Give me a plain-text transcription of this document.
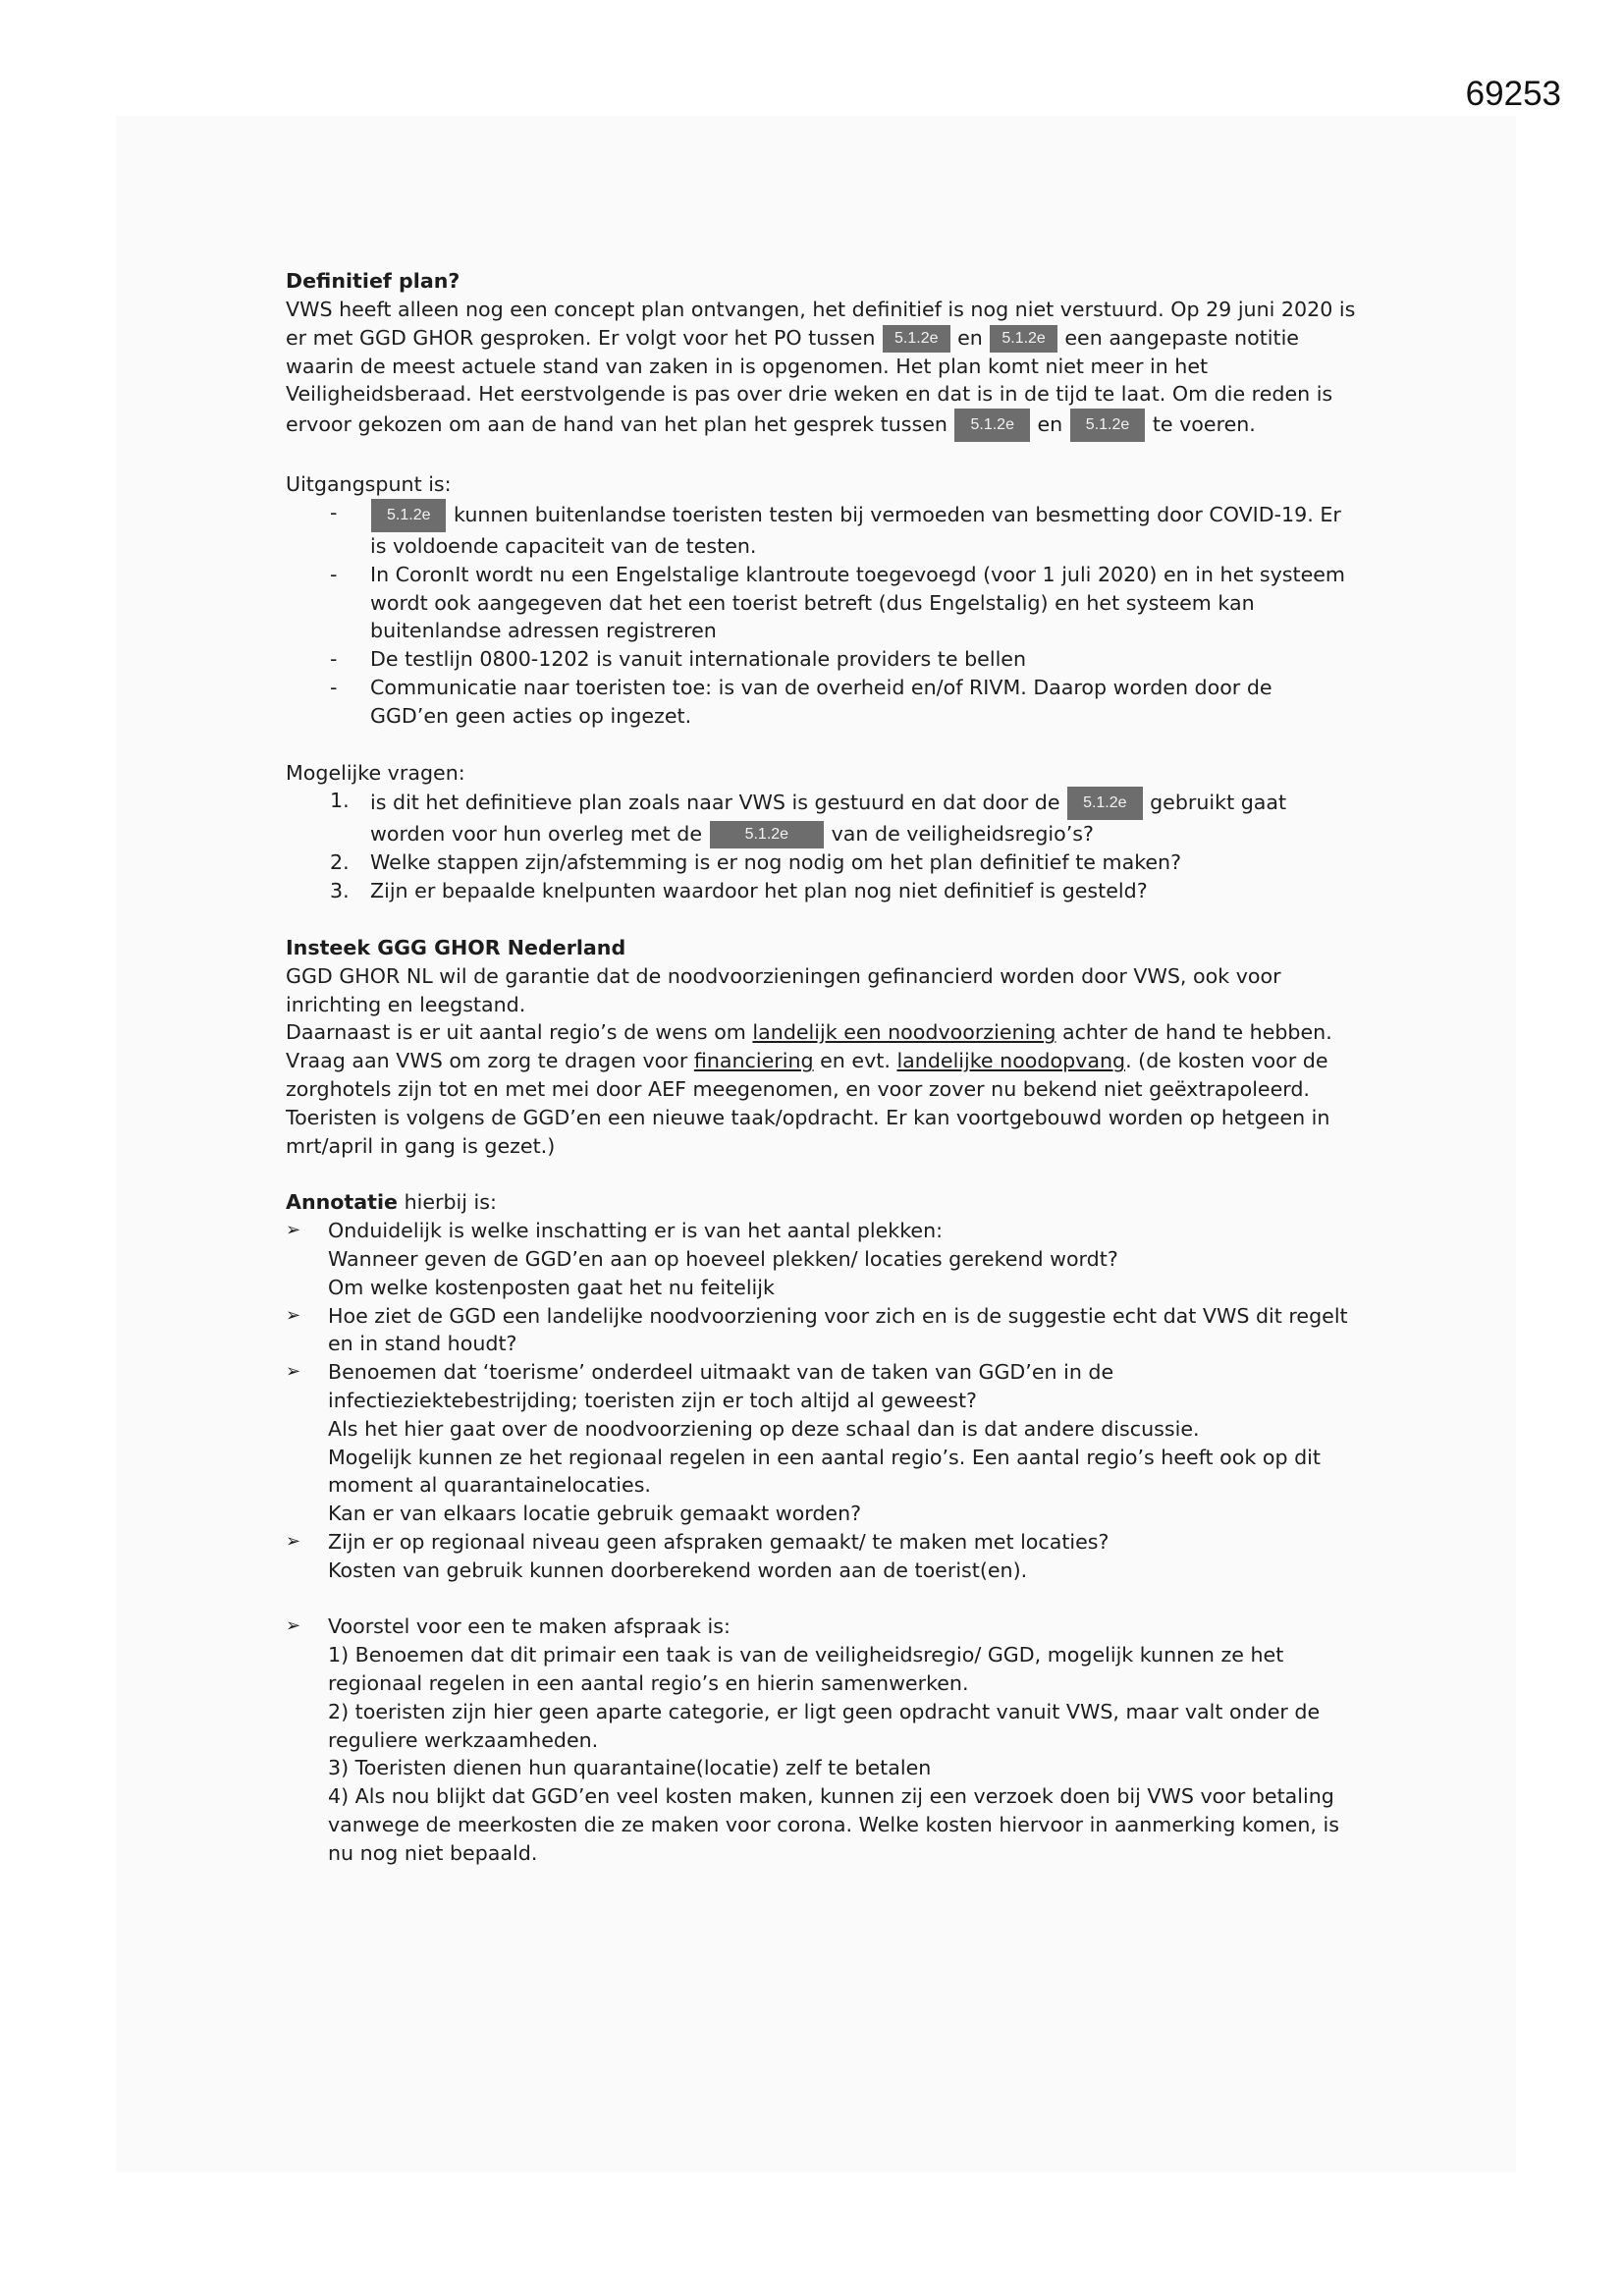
69253

Definitief plan?

VWS heeft alleen nog een concept plan ontvangen, het definitief is nog niet verstuurd. Op 29 juni 2020 is er met GGD GHOR gesproken. Er volgt voor het PO tussen 5.1.2e en 5.1.2e een aangepaste notitie waarin de meest actuele stand van zaken in is opgenomen. Het plan komt niet meer in het Veiligheidsberaad. Het eerstvolgende is pas over drie weken en dat is in de tijd te laat. Om die reden is ervoor gekozen om aan de hand van het plan het gesprek tussen 5.1.2e en 5.1.2e te voeren.

Uitgangspunt is:

-	5.1.2e kunnen buitenlandse toeristen testen bij vermoeden van besmetting door COVID-19. Er is voldoende capaciteit van de testen.
- In CoronIt wordt nu een Engelstalige klantroute toegevoegd (voor 1 juli 2020) en in het systeem wordt ook aangegeven dat het een toerist betreft (dus Engelstalig) en het systeem kan buitenlandse adressen registreren
- De testlijn 0800-1202 is vanuit internationale providers te bellen
- Communicatie naar toeristen toe: is van de overheid en/of RIVM. Daarop worden door de GGD’en geen acties op ingezet.

Mogelijke vragen:

1. is dit het definitieve plan zoals naar VWS is gestuurd en dat door de 5.1.2e gebruikt gaat worden voor hun overleg met de	5.1.2e van de veiligheidsregio’s?
2. Welke stappen zijn/afstemming is er nog nodig om het plan definitief te maken?
3. Zijn er bepaalde knelpunten waardoor het plan nog niet definitief is gesteld?

Insteek GGG GHOR Nederland

GGD GHOR NL wil de garantie dat de noodvoorzieningen gefinancierd worden door VWS, ook voor inrichting en leegstand.

Daarnaast is er uit aantal regio’s de wens om landelijk een noodvoorziening achter de hand te hebben.

Vraag aan VWS om zorg te dragen voor financiering en evt. landelijke noodopvang. (de kosten voor de zorghotels zijn tot en met mei door AEF meegenomen, en voor zover nu bekend niet geëxtrapoleerd. Toeristen is volgens de GGD’en een nieuwe taak/opdracht. Er kan voortgebouwd worden op hetgeen in mrt/april in gang is gezet.)

Annotatie hierbij is:

➢ Onduidelijk is welke inschatting er is van het aantal plekken:
Wanneer geven de GGD’en aan op hoeveel plekken/ locaties gerekend wordt?
Om welke kostenposten gaat het nu feitelijk
➢ Hoe ziet de GGD een landelijke noodvoorziening voor zich en is de suggestie echt dat VWS dit regelt en in stand houdt?
➢ Benoemen dat ‘toerisme’ onderdeel uitmaakt van de taken van GGD’en in de infectieziektebestrijding; toeristen zijn er toch altijd al geweest?
Als het hier gaat over de noodvoorziening op deze schaal dan is dat andere discussie.
Mogelijk kunnen ze het regionaal regelen in een aantal regio’s. Een aantal regio’s heeft ook op dit moment al quarantainelocaties.
Kan er van elkaars locatie gebruik gemaakt worden?
➢ Zijn er op regionaal niveau geen afspraken gemaakt/ te maken met locaties?
Kosten van gebruik kunnen doorberekend worden aan de toerist(en).
➢ Voorstel voor een te maken afspraak is:
1) Benoemen dat dit primair een taak is van de veiligheidsregio/ GGD, mogelijk kunnen ze het regionaal regelen in een aantal regio’s en hierin samenwerken.
2) toeristen zijn hier geen aparte categorie, er ligt geen opdracht vanuit VWS, maar valt onder de reguliere werkzaamheden.
3) Toeristen dienen hun quarantaine(locatie) zelf te betalen
4) Als nou blijkt dat GGD’en veel kosten maken, kunnen zij een verzoek doen bij VWS voor betaling vanwege de meerkosten die ze maken voor corona. Welke kosten hiervoor in aanmerking komen, is nu nog niet bepaald.
